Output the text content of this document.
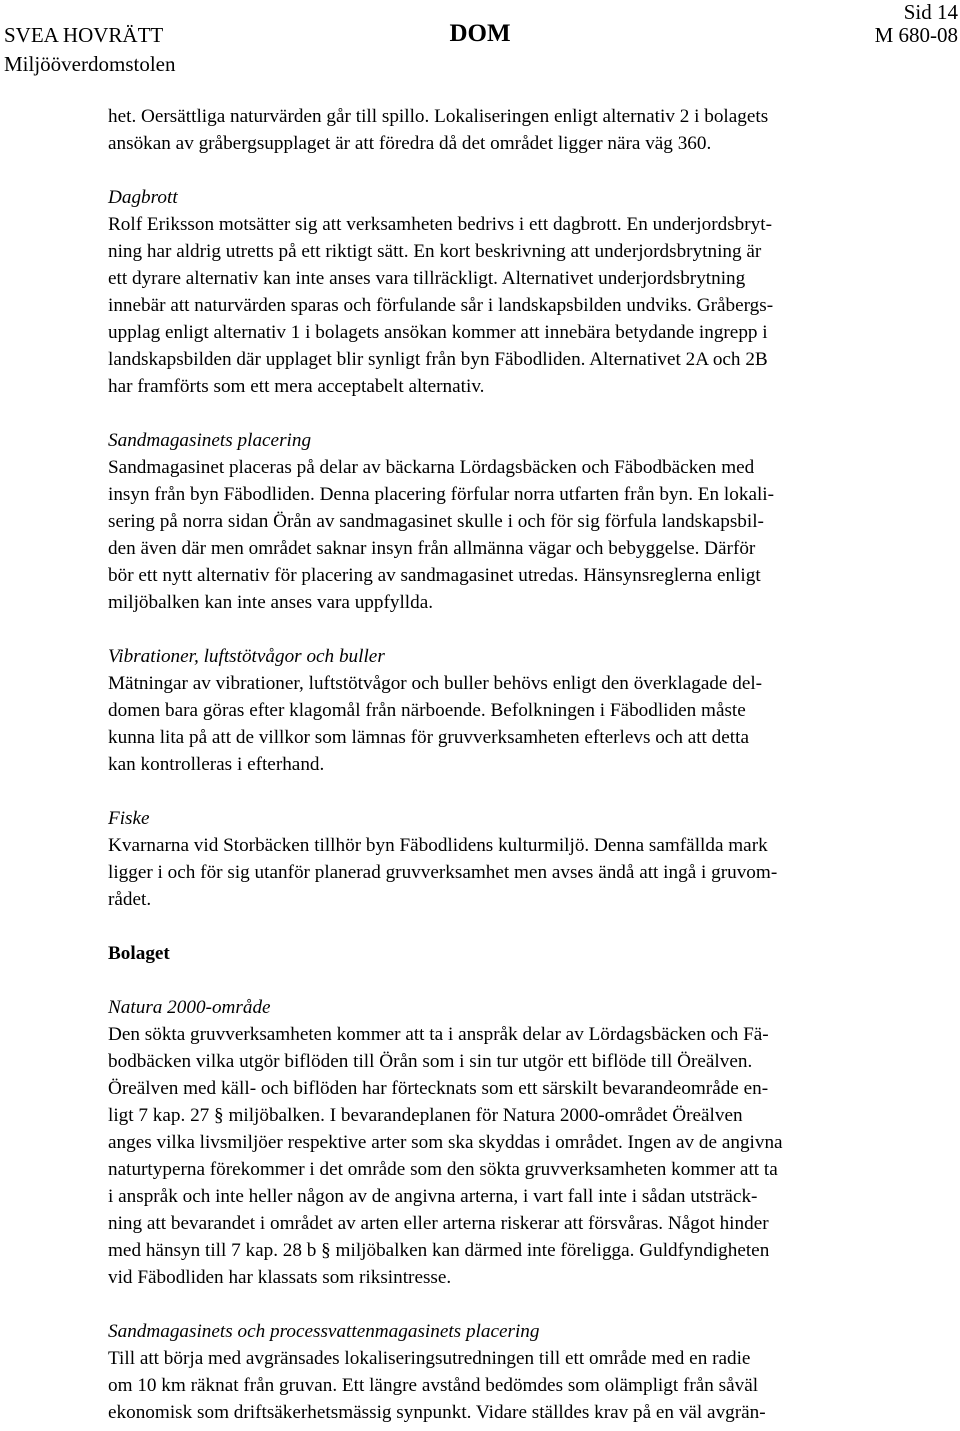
Sid 14
SVEA HOVRÄTT	DOM	M 680-08
Miljööverdomstolen
het. Oersättliga naturvärden går till spillo. Lokaliseringen enligt alternativ 2 i bolagets
ansökan av gråbergsupplaget är att föredra då det området ligger nära väg 360.
Dagbrott
Rolf Eriksson motsätter sig att verksamheten bedrivs i ett dagbrott. En underjordsbryt-
ning har aldrig utretts på ett riktigt sätt. En kort beskrivning att underjordsbrytning är
ett dyrare alternativ kan inte anses vara tillräckligt. Alternativet underjordsbrytning
innebär att naturvärden sparas och förfulande sår i landskapsbilden undviks. Gråbergs-
upplag enligt alternativ 1 i bolagets ansökan kommer att innebära betydande ingrepp i
landskapsbilden där upplaget blir synligt från byn Fäbodliden. Alternativet 2A och 2B
har framförts som ett mera acceptabelt alternativ.
Sandmagasinets placering
Sandmagasinet placeras på delar av bäckarna Lördagsbäcken och Fäbodbäcken med
insyn från byn Fäbodliden. Denna placering förfular norra utfarten från byn. En lokali-
sering på norra sidan Örån av sandmagasinet skulle i och för sig förfula landskapsbil-
den även där men området saknar insyn från allmänna vägar och bebyggelse. Därför
bör ett nytt alternativ för placering av sandmagasinet utredas. Hänsynsreglerna enligt
miljöbalken kan inte anses vara uppfyllda.
Vibrationer, luftstötvågor och buller
Mätningar av vibrationer, luftstötvågor och buller behövs enligt den överklagade del-
domen bara göras efter klagomål från närboende. Befolkningen i Fäbodliden måste
kunna lita på att de villkor som lämnas för gruvverksamheten efterlevs och att detta
kan kontrolleras i efterhand.
Fiske
Kvarnarna vid Storbäcken tillhör byn Fäbodlidens kulturmiljö. Denna samfällda mark
ligger i och för sig utanför planerad gruvverksamhet men avses ändå att ingå i gruvom-
rådet.
Bolaget
Natura 2000-område
Den sökta gruvverksamheten kommer att ta i anspråk delar av Lördagsbäcken och Fä-
bodbäcken vilka utgör biflöden till Örån som i sin tur utgör ett biflöde till Öreälven.
Öreälven med käll- och biflöden har förtecknats som ett särskilt bevarandeområde en-
ligt 7 kap. 27 § miljöbalken. I bevarandeplanen för Natura 2000-området Öreälven
anges vilka livsmiljöer respektive arter som ska skyddas i området. Ingen av de angivna
naturtyperna förekommer i det område som den sökta gruvverksamheten kommer att ta
i anspråk och inte heller någon av de angivna arterna, i vart fall inte i sådan utsträck-
ning att bevarandet i området av arten eller arterna riskerar att försvåras. Något hinder
med hänsyn till 7 kap. 28 b § miljöbalken kan därmed inte föreligga. Guldfyndigheten
vid Fäbodliden har klassats som riksintresse.
Sandmagasinets och processvattenmagasinets placering
Till att börja med avgränsades lokaliseringsutredningen till ett område med en radie
om 10 km räknat från gruvan. Ett längre avstånd bedömdes som olämpligt från såväl
ekonomisk som driftsäkerhetsmässig synpunkt. Vidare ställdes krav på en väl avgrän-
